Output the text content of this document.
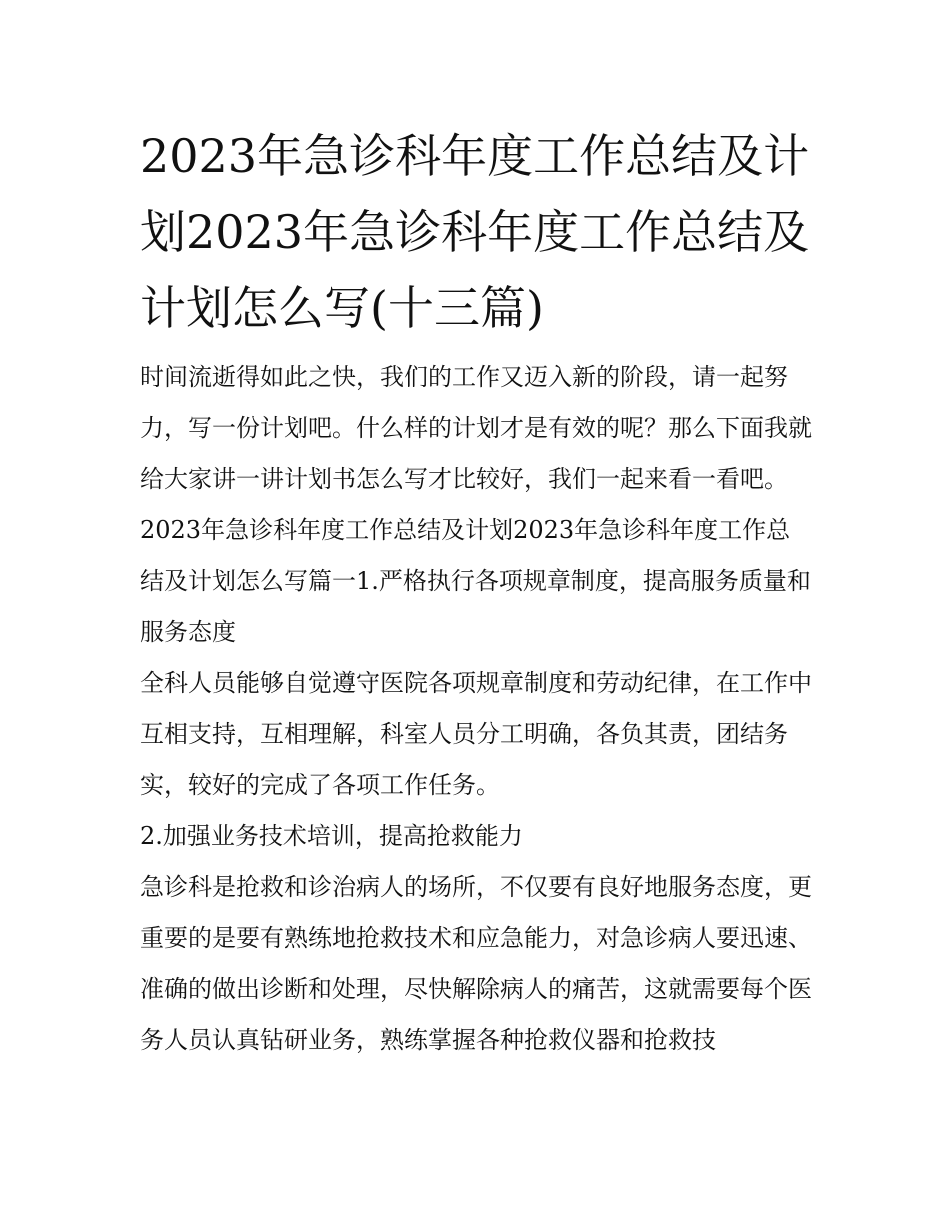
2023年急诊科年度工作总结及计划2023年急诊科年度工作总结及计划怎么写(十三篇)

时间流逝得如此之快，我们的工作又迈入新的阶段，请一起努力，写一份计划吧。什么样的计划才是有效的呢？那么下面我就给大家讲一讲计划书怎么写才比较好，我们一起来看一看吧。

2023年急诊科年度工作总结及计划2023年急诊科年度工作总结及计划怎么写篇一1.严格执行各项规章制度，提高服务质量和服务态度

全科人员能够自觉遵守医院各项规章制度和劳动纪律，在工作中互相支持，互相理解，科室人员分工明确，各负其责，团结务实，较好的完成了各项工作任务。

2.加强业务技术培训，提高抢救能力

急诊科是抢救和诊治病人的场所，不仅要有良好地服务态度，更重要的是要有熟练地抢救技术和应急能力，对急诊病人要迅速、准确的做出诊断和处理，尽快解除病人的痛苦，这就需要每个医务人员认真钻研业务，熟练掌握各种抢救仪器和抢救技
